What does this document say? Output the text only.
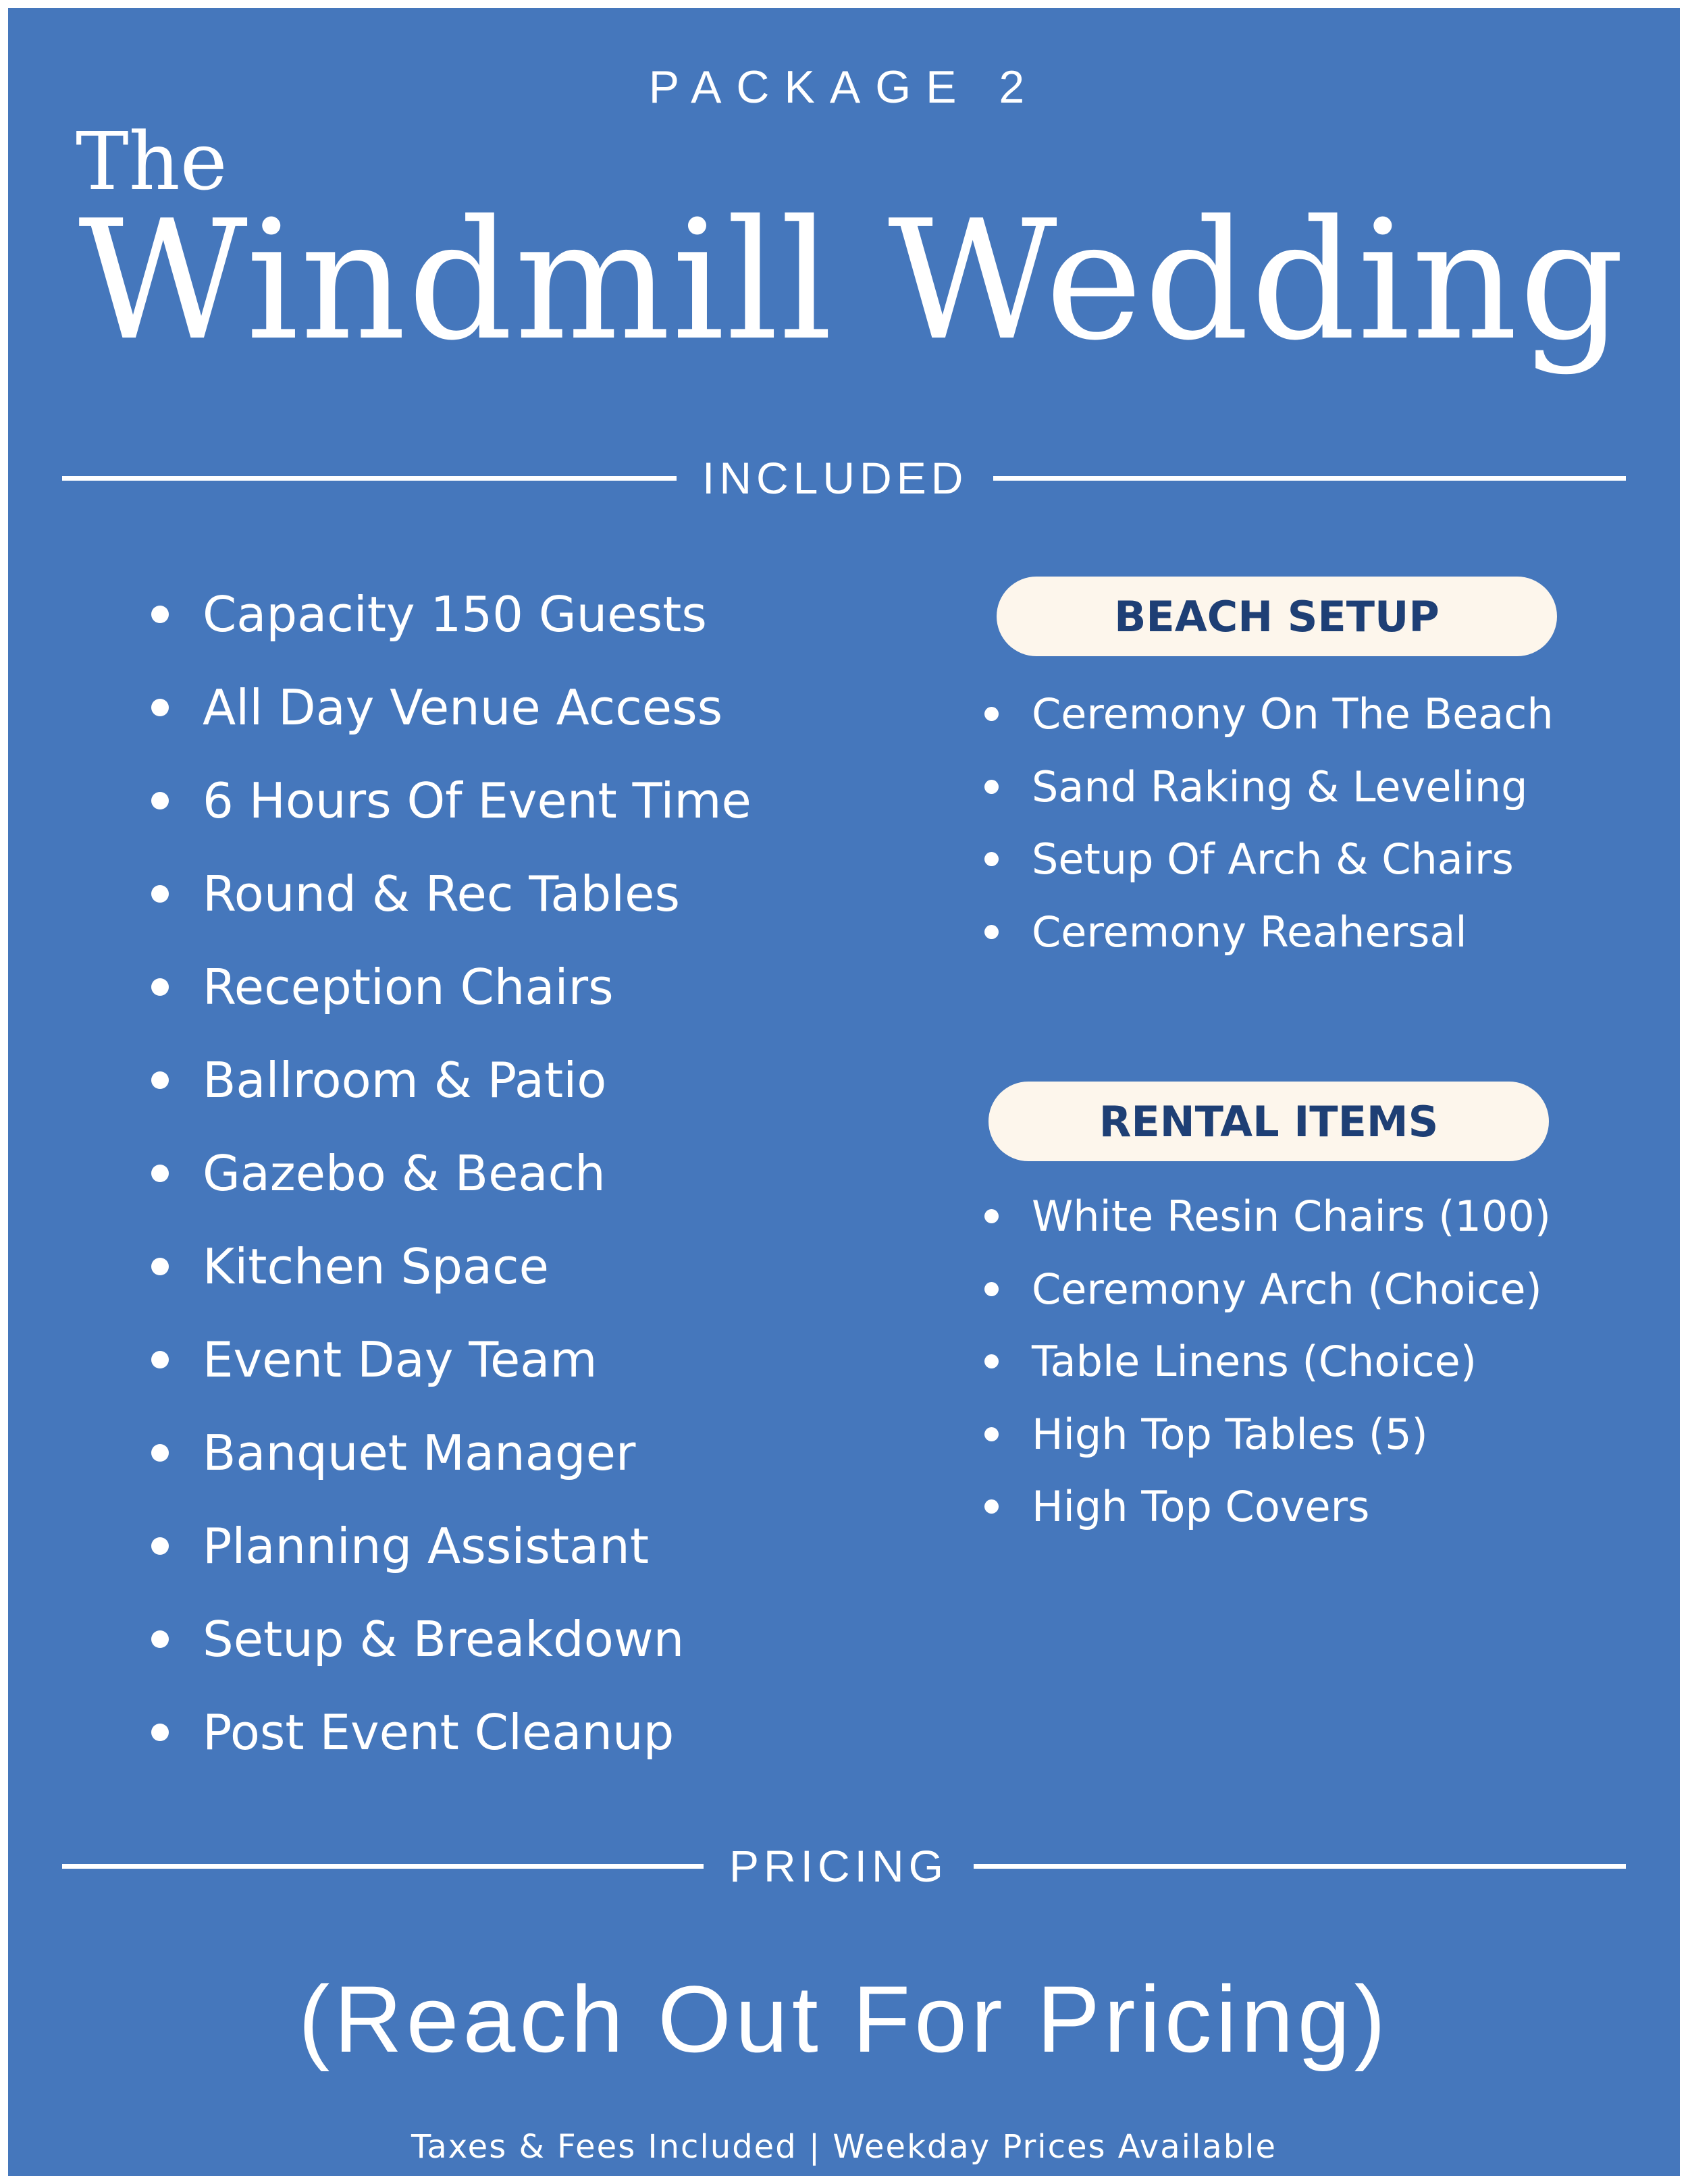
PACKAGE 2
The
Windmill Wedding
INCLUDED
Capacity 150 Guests
All Day Venue Access
6 Hours Of Event Time
Round & Rec Tables
Reception Chairs
Ballroom & Patio
Gazebo & Beach
Kitchen Space
Event Day Team
Banquet Manager
Planning Assistant
Setup & Breakdown
Post Event Cleanup
BEACH SETUP
Ceremony On The Beach
Sand Raking & Leveling
Setup Of Arch & Chairs
Ceremony Reahersal
RENTAL ITEMS
White Resin Chairs (100)
Ceremony Arch (Choice)
Table Linens (Choice)
High Top Tables (5)
High Top Covers
PRICING
(Reach Out For Pricing)
Taxes & Fees Included | Weekday Prices Available
